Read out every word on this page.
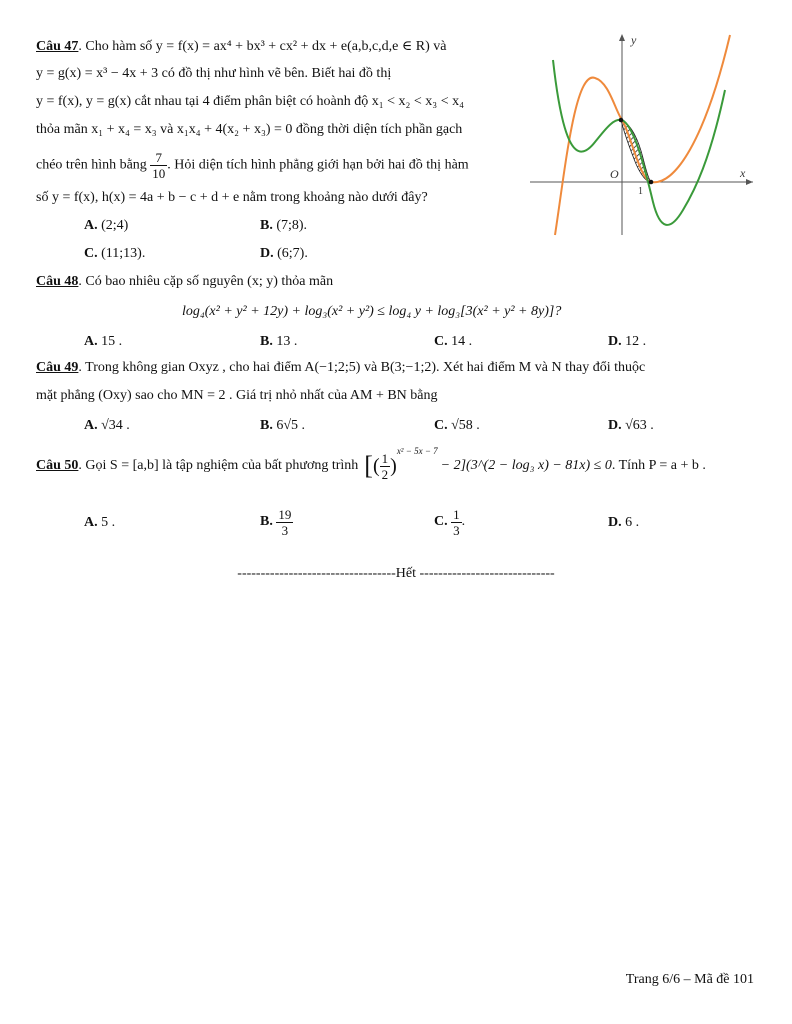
Câu 47. Cho hàm số y = f(x) = ax⁴ + bx³ + cx² + dx + e(a,b,c,d,e ∈ R) và
y = g(x) = x³ − 4x + 3 có đồ thị như hình vẽ bên. Biết hai đồ thị
y = f(x), y = g(x) cắt nhau tại 4 điểm phân biệt có hoành độ x₁ < x₂ < x₃ < x₄
thỏa mãn x₁ + x₄ = x₃ và x₁x₄ + 4(x₂ + x₃) = 0 đồng thời diện tích phần gạch
chéo trên hình bằng $\frac{7}{10}$ . Hỏi diện tích hình phẳng giới hạn bởi hai đồ thị hàm
số y = f(x), h(x) = 4a + b − c + d + e nằm trong khoảng nào dưới đây?
A. (2;4)	B. (7;8).
C. (11;13).	D. (6;7).
x
y
O
1
Câu 48. Có bao nhiêu cặp số nguyên (x; y) thỏa mãn
log₄(x² + y² + 12y) + log₃(x² + y²) ≤ log₄ y + log₃[3(x² + y² + 8y)]?
A. 15 .	B. 13 .	C. 14 .	D. 12 .
Câu 49. Trong không gian Oxyz , cho hai điểm A(−1;2;5) và B(3;−1;2). Xét hai điểm M và N thay đổi thuộc
mặt phẳng (Oxy) sao cho MN = 2 . Giá trị nhỏ nhất của AM + BN bằng
A. √34 .	B. 6√5 .	C. √58 .	D. √63 .
Câu 50 . Gọi S = [a,b] là tập nghiệm của bất phương trình [ ( $\frac{1}{2}$ )
x² − 5x − 7
− 2](3^(2 − log₃ x) − 81x) ≤ 0 . Tính P = a + b .
A.
5 .	B.
$\frac{19}{3}$	C.
$\frac{1}{3}$ .	D.
6 .
----------------------------------Hết -----------------------------
Trang 6/6 – Mã đề 101
